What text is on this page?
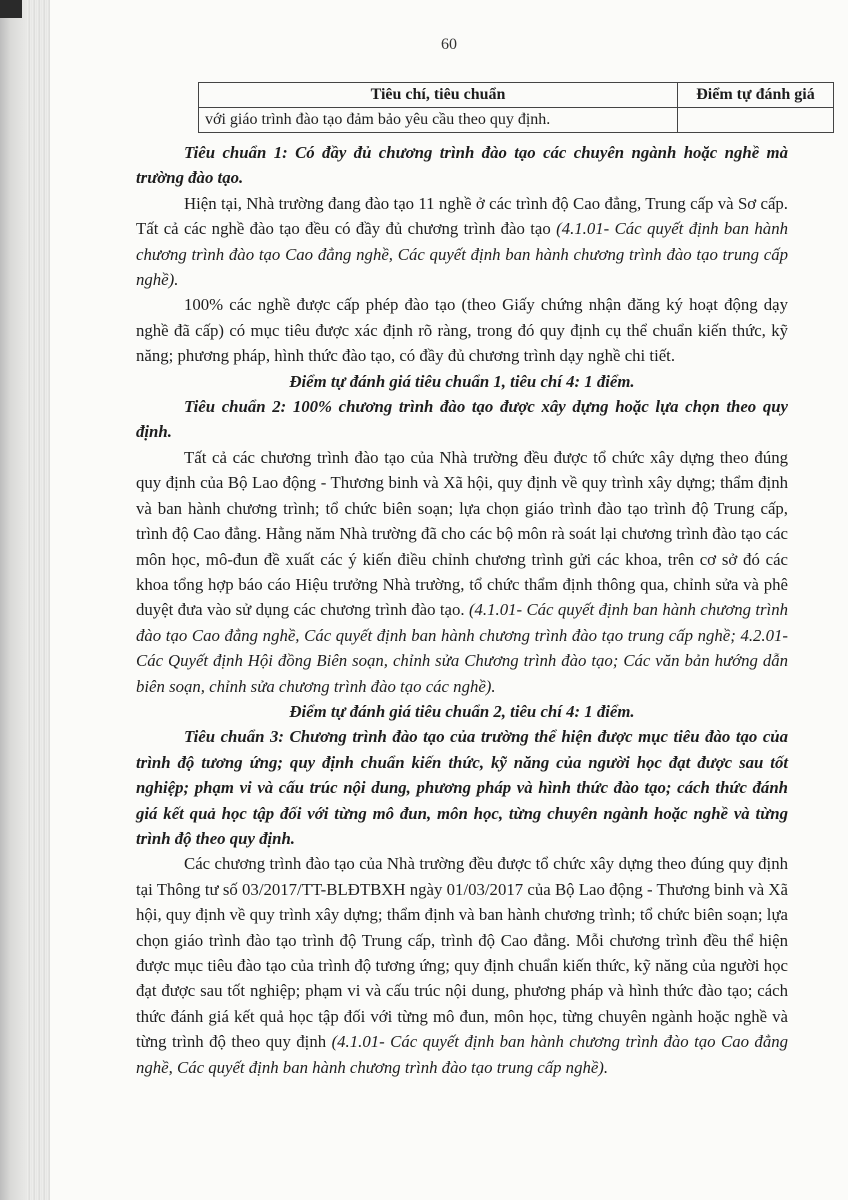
60
Tiêu chí, tiêu chuẩn	Điểm tự đánh giá
với giáo trình đào tạo đảm bảo yêu cầu theo quy định.	

Tiêu chuẩn 1: Có đầy đủ chương trình đào tạo các chuyên ngành hoặc nghề mà trường đào tạo.

Hiện tại, Nhà trường đang đào tạo 11 nghề ở các trình độ Cao đẳng, Trung cấp và Sơ cấp. Tất cả các nghề đào tạo đều có đầy đủ chương trình đào tạo (4.1.01- Các quyết định ban hành chương trình đào tạo Cao đẳng nghề, Các quyết định ban hành chương trình đào tạo trung cấp nghề).

100% các nghề được cấp phép đào tạo (theo Giấy chứng nhận đăng ký hoạt động dạy nghề đã cấp) có mục tiêu được xác định rõ ràng, trong đó quy định cụ thể chuẩn kiến thức, kỹ năng; phương pháp, hình thức đào tạo, có đầy đủ chương trình dạy nghề chi tiết.

Điểm tự đánh giá tiêu chuẩn 1, tiêu chí 4: 1 điểm.

Tiêu chuẩn 2: 100% chương trình đào tạo được xây dựng hoặc lựa chọn theo quy định.

Tất cả các chương trình đào tạo của Nhà trường đều được tổ chức xây dựng theo đúng quy định của Bộ Lao động - Thương binh và Xã hội, quy định về quy trình xây dựng; thẩm định và ban hành chương trình; tổ chức biên soạn; lựa chọn giáo trình đào tạo trình độ Trung cấp, trình độ Cao đẳng. Hằng năm Nhà trường đã cho các bộ môn rà soát lại chương trình đào tạo các môn học, mô-đun đề xuất các ý kiến điều chỉnh chương trình gửi các khoa, trên cơ sở đó các khoa tổng hợp báo cáo Hiệu trưởng Nhà trường, tổ chức thẩm định thông qua, chỉnh sửa và phê duyệt đưa vào sử dụng các chương trình đào tạo. (4.1.01- Các quyết định ban hành chương trình đào tạo Cao đẳng nghề, Các quyết định ban hành chương trình đào tạo trung cấp nghề; 4.2.01- Các Quyết định Hội đồng Biên soạn, chỉnh sửa Chương trình đào tạo; Các văn bản hướng dẫn biên soạn, chỉnh sửa chương trình đào tạo các nghề).

Điểm tự đánh giá tiêu chuẩn 2, tiêu chí 4: 1 điểm.

Tiêu chuẩn 3: Chương trình đào tạo của trường thể hiện được mục tiêu đào tạo của trình độ tương ứng; quy định chuẩn kiến thức, kỹ năng của người học đạt được sau tốt nghiệp; phạm vi và cấu trúc nội dung, phương pháp và hình thức đào tạo; cách thức đánh giá kết quả học tập đối với từng mô đun, môn học, từng chuyên ngành hoặc nghề và từng trình độ theo quy định.

Các chương trình đào tạo của Nhà trường đều được tổ chức xây dựng theo đúng quy định tại Thông tư số 03/2017/TT-BLĐTBXH ngày 01/03/2017 của Bộ Lao động - Thương binh và Xã hội, quy định về quy trình xây dựng; thẩm định và ban hành chương trình; tổ chức biên soạn; lựa chọn giáo trình đào tạo trình độ Trung cấp, trình độ Cao đẳng. Mỗi chương trình đều thể hiện được mục tiêu đào tạo của trình độ tương ứng; quy định chuẩn kiến thức, kỹ năng của người học đạt được sau tốt nghiệp; phạm vi và cấu trúc nội dung, phương pháp và hình thức đào tạo; cách thức đánh giá kết quả học tập đối với từng mô đun, môn học, từng chuyên ngành hoặc nghề và từng trình độ theo quy định (4.1.01- Các quyết định ban hành chương trình đào tạo Cao đẳng nghề, Các quyết định ban hành chương trình đào tạo trung cấp nghề).
